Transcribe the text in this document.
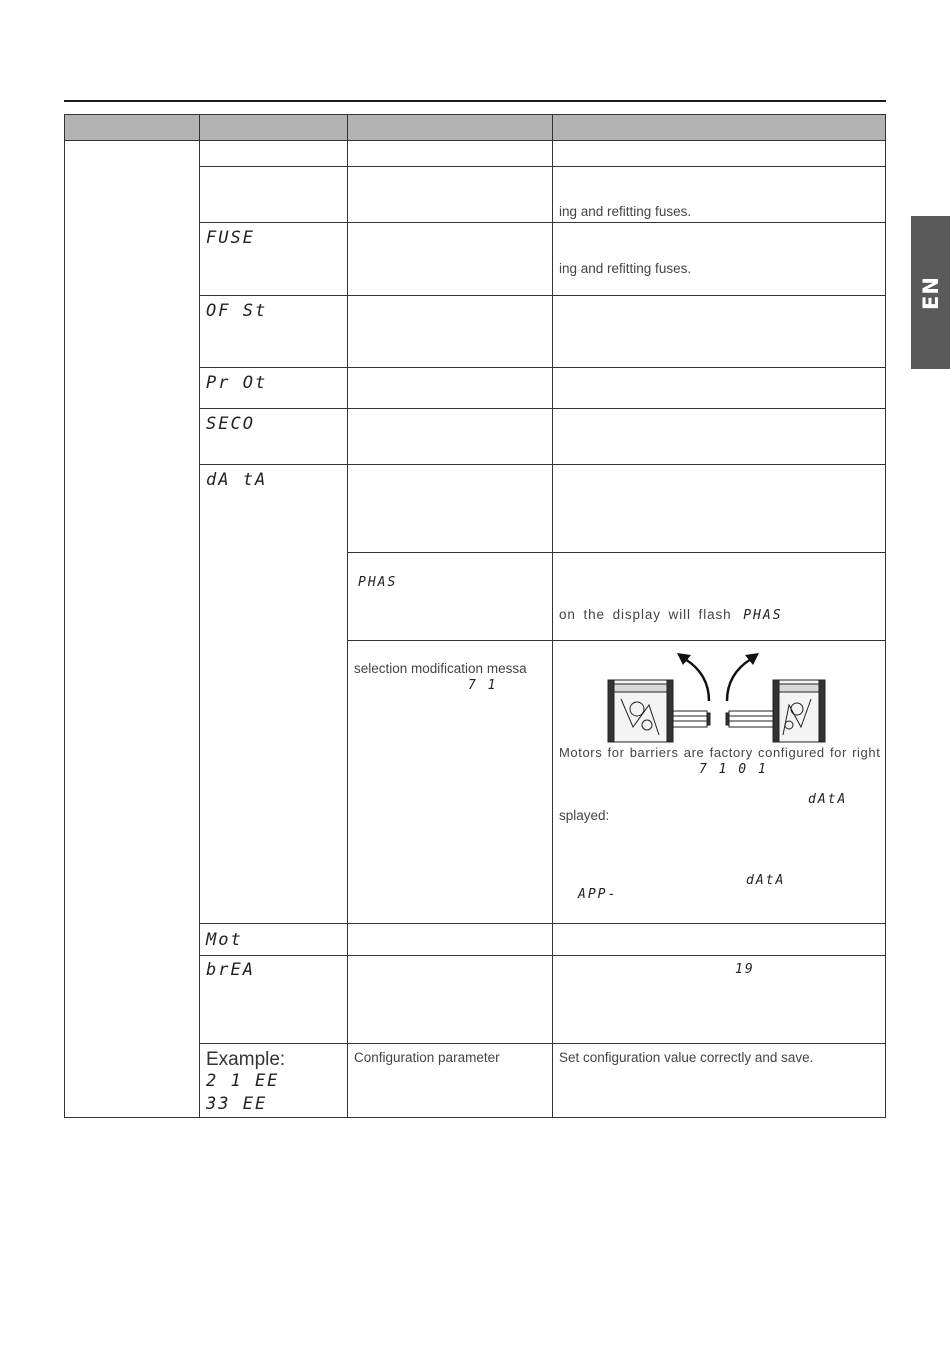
EN
ing and refitting fuses.
FUSE
ing and refitting fuses.
OF St
Pr Ot
SECO
dA tA
PHAS
on the display will flash PHAS
selection modification messa
7 1
Motors for barriers are factory configured for right
7 1 0 1
dAtA
splayed:
dAtA
APP-
Mot
brEA	19
Example:
2 1 EE
33 EE
Configuration parameter	Set configuration value correctly and save.
